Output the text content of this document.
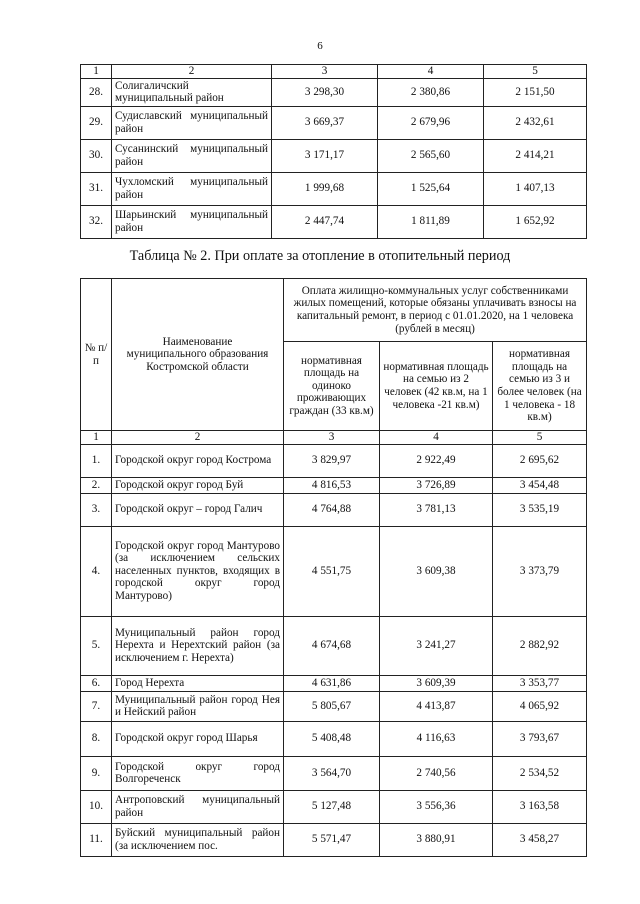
6
1	2	3	4	5
28.	Солигаличский муниципальный район	3 298,30	2 380,86	2 151,50
29.	Судиславский муниципальный район	3 669,37	2 679,96	2 432,61
30.	Сусанинский муниципальный район	3 171,17	2 565,60	2 414,21
31.	Чухломский муниципальный район	1 999,68	1 525,64	1 407,13
32.	Шарьинский муниципальный район	2 447,74	1 811,89	1 652,92
Таблица № 2. При оплате за отопление в отопительный период
№ п/п	Наименование муниципального образования Костромской области	Оплата жилищно-коммунальных услуг собственниками жилых помещений, которые обязаны уплачивать взносы на капитальный ремонт, в период с 01.01.2020, на 1 человека (рублей в месяц)		
		нормативная площадь на одиноко проживающих граждан (33 кв.м)	нормативная площадь на семью из 2 человек (42 кв.м, на 1 человека -21 кв.м)	нормативная площадь на семью из 3 и более человек (на 1 человека - 18 кв.м)
1	2	3	4	5
1.	Городской округ город Кострома	3 829,97	2 922,49	2 695,62
2.	Городской округ город Буй	4 816,53	3 726,89	3 454,48
3.	Городской округ – город Галич	4 764,88	3 781,13	3 535,19
4.	Городской округ город Мантурово (за исключением сельских населенных пунктов, входящих в городской округ город Мантурово)	4 551,75	3 609,38	3 373,79
5.	Муниципальный район город Нерехта и Нерехтский район (за исключением г. Нерехта)	4 674,68	3 241,27	2 882,92
6.	Город Нерехта	4 631,86	3 609,39	3 353,77
7.	Муниципальный район город Нея и Нейский район	5 805,67	4 413,87	4 065,92
8.	Городской округ город Шарья	5 408,48	4 116,63	3 793,67
9.	Городской округ город Волгореченск	3 564,70	2 740,56	2 534,52
10.	Антроповский муниципальный район	5 127,48	3 556,36	3 163,58
11.	Буйский муниципальный район (за исключением пос.	5 571,47	3 880,91	3 458,27
